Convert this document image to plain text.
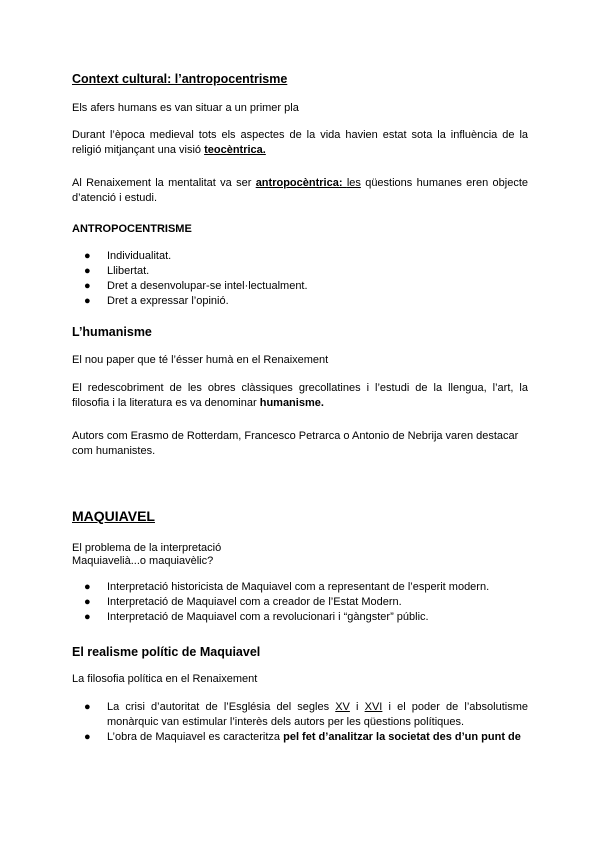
Context cultural: l’antropocentrisme
Els afers humans es van situar a un primer pla
Durant l’època medieval tots els aspectes de la vida havien estat sota la influència de la religió mitjançant una visió teocèntrica.
Al Renaixement la mentalitat va ser antropocèntrica: les qüestions humanes eren objecte d’atenció i estudi.
ANTROPOCENTRISME
● Individualitat.
● Llibertat.
● Dret a desenvolupar-se intel·lectualment.
● Dret a expressar l’opinió.
L’humanisme
El nou paper que té l’ésser humà en el Renaixement
El redescobriment de les obres clàssiques grecollatines i l’estudi de la llengua, l’art, la filosofia i la literatura es va denominar humanisme.
Autors com Erasmo de Rotterdam, Francesco Petrarca o Antonio de Nebrija varen destacar com humanistes.
MAQUIAVEL
El problema de la interpretació
Maquiavelià...o maquiavèlic?
● Interpretació historicista de Maquiavel com a representant de l’esperit modern.
● Interpretació de Maquiavel com a creador de l’Estat Modern.
● Interpretació de Maquiavel com a revolucionari i “gàngster” públic.
El realisme polític de Maquiavel
La filosofia política en el Renaixement
● La crisi d’autoritat de l’Església del segles XV i XVI i el poder de l’absolutisme monàrquic van estimular l’interès dels autors per les qüestions polítiques.
● L’obra de Maquiavel es caracteritza pel fet d’analitzar la societat des d’un punt de
